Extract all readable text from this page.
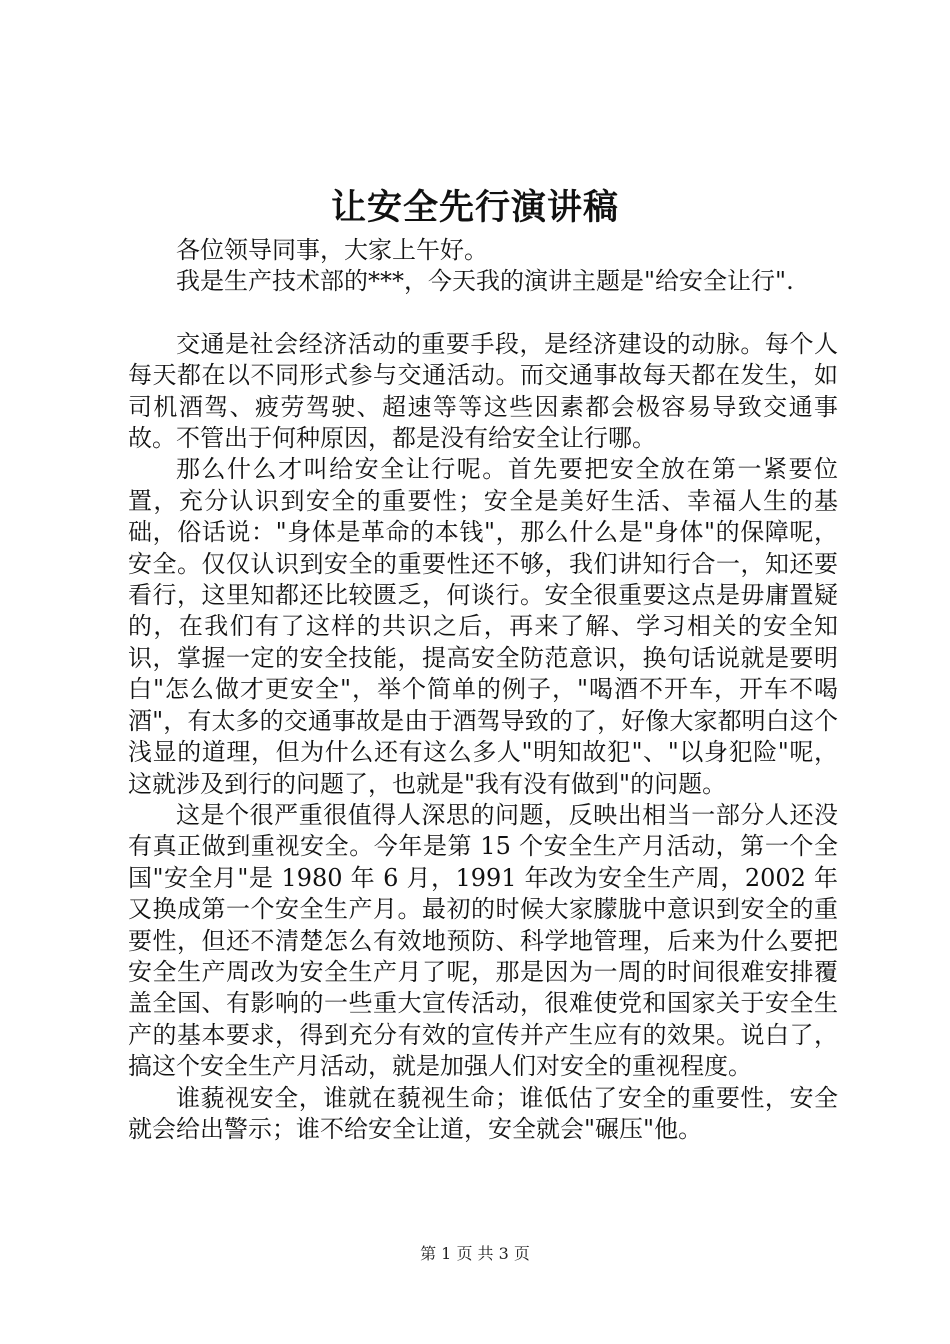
让安全先行演讲稿

各位领导同事，大家上午好。

我是生产技术部的***，今天我的演讲主题是"给安全让行".

交通是社会经济活动的重要手段，是经济建设的动脉。每个人每天都在以不同形式参与交通活动。而交通事故每天都在发生，如司机酒驾、疲劳驾驶、超速等等这些因素都会极容易导致交通事故。不管出于何种原因，都是没有给安全让行哪。

那么什么才叫给安全让行呢。首先要把安全放在第一紧要位置，充分认识到安全的重要性；安全是美好生活、幸福人生的基础，俗话说："身体是革命的本钱"，那么什么是"身体"的保障呢，安全。仅仅认识到安全的重要性还不够，我们讲知行合一，知还要看行，这里知都还比较匮乏，何谈行。安全很重要这点是毋庸置疑的，在我们有了这样的共识之后，再来了解、学习相关的安全知识，掌握一定的安全技能，提高安全防范意识，换句话说就是要明白"怎么做才更安全"，举个简单的例子，"喝酒不开车，开车不喝酒"，有太多的交通事故是由于酒驾导致的了，好像大家都明白这个浅显的道理，但为什么还有这么多人"明知故犯"、"以身犯险"呢，这就涉及到行的问题了，也就是"我有没有做到"的问题。

这是个很严重很值得人深思的问题，反映出相当一部分人还没有真正做到重视安全。今年是第 15 个安全生产月活动，第一个全国"安全月"是 1980 年 6 月，1991 年改为安全生产周，2002 年又换成第一个安全生产月。最初的时候大家朦胧中意识到安全的重要性，但还不清楚怎么有效地预防、科学地管理，后来为什么要把安全生产周改为安全生产月了呢，那是因为一周的时间很难安排覆盖全国、有影响的一些重大宣传活动，很难使党和国家关于安全生产的基本要求，得到充分有效的宣传并产生应有的效果。说白了，搞这个安全生产月活动，就是加强人们对安全的重视程度。

谁藐视安全，谁就在藐视生命；谁低估了安全的重要性，安全就会给出警示；谁不给安全让道，安全就会"碾压"他。

第 1 页 共 3 页
